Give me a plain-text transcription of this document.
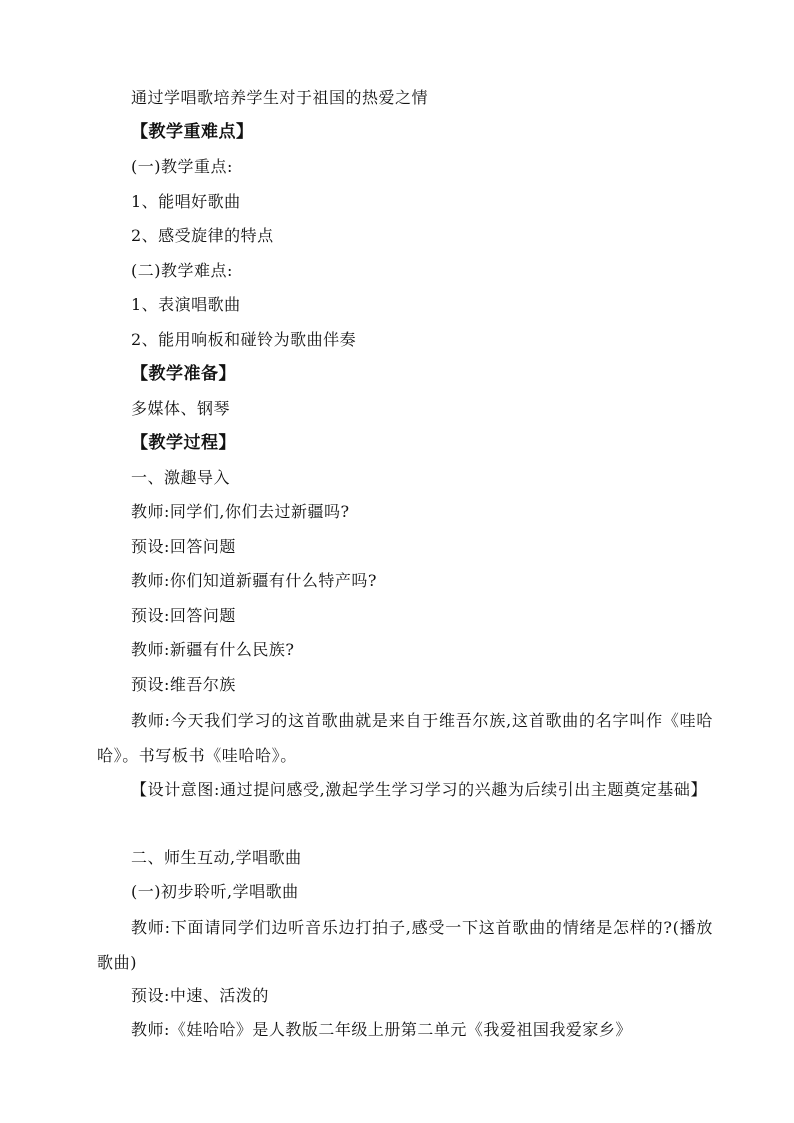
通过学唱歌培养学生对于祖国的热爱之情
【教学重难点】
(一)教学重点:
1、能唱好歌曲
2、感受旋律的特点
(二)教学难点:
1、表演唱歌曲
2、能用响板和碰铃为歌曲伴奏
【教学准备】
多媒体、钢琴
【教学过程】
一、激趣导入
教师:同学们,你们去过新疆吗?
预设:回答问题
教师:你们知道新疆有什么特产吗?
预设:回答问题
教师:新疆有什么民族?
预设:维吾尔族
教师:今天我们学习的这首歌曲就是来自于维吾尔族,这首歌曲的名字叫作《哇哈哈》。书写板书《哇哈哈》。
【设计意图:通过提问感受,激起学生学习学习的兴趣为后续引出主题奠定基础】
二、师生互动,学唱歌曲
(一)初步聆听,学唱歌曲
教师:下面请同学们边听音乐边打拍子,感受一下这首歌曲的情绪是怎样的?(播放歌曲)
预设:中速、活泼的
教师:《娃哈哈》是人教版二年级上册第二单元《我爱祖国我爱家乡》
